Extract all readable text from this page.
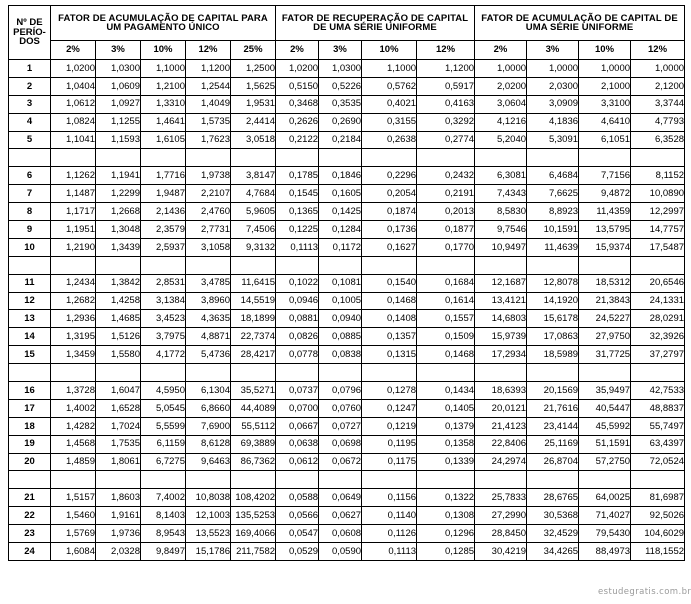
Nº DE
PERÍO-
DOS	FATOR DE ACUMULAÇÃO DE CAPITAL PARA UM PAGAMENTO ÚNICO					FATOR DE RECUPERAÇÃO DE CAPITAL DE UMA SÉRIE UNIFORME				FATOR DE ACUMULAÇÃO DE CAPITAL DE UMA SÉRIE UNIFORME			
	2%	3%	10%	12%	25%	2%	3%	10%	12%	2%	3%	10%	12%
1	1,0200	1,0300	1,1000	1,1200	1,2500	1,0200	1,0300	1,1000	1,1200	1,0000	1,0000	1,0000	1,0000
2	1,0404	1,0609	1,2100	1,2544	1,5625	0,5150	0,5226	0,5762	0,5917	2,0200	2,0300	2,1000	2,1200
3	1,0612	1,0927	1,3310	1,4049	1,9531	0,3468	0,3535	0,4021	0,4163	3,0604	3,0909	3,3100	3,3744
4	1,0824	1,1255	1,4641	1,5735	2,4414	0,2626	0,2690	0,3155	0,3292	4,1216	4,1836	4,6410	4,7793
5	1,1041	1,1593	1,6105	1,7623	3,0518	0,2122	0,2184	0,2638	0,2774	5,2040	5,3091	6,1051	6,3528

6	1,1262	1,1941	1,7716	1,9738	3,8147	0,1785	0,1846	0,2296	0,2432	6,3081	6,4684	7,7156	8,1152
7	1,1487	1,2299	1,9487	2,2107	4,7684	0,1545	0,1605	0,2054	0,2191	7,4343	7,6625	9,4872	10,0890
8	1,1717	1,2668	2,1436	2,4760	5,9605	0,1365	0,1425	0,1874	0,2013	8,5830	8,8923	11,4359	12,2997
9	1,1951	1,3048	2,3579	2,7731	7,4506	0,1225	0,1284	0,1736	0,1877	9,7546	10,1591	13,5795	14,7757
10	1,2190	1,3439	2,5937	3,1058	9,3132	0,1113	0,1172	0,1627	0,1770	10,9497	11,4639	15,9374	17,5487

11	1,2434	1,3842	2,8531	3,4785	11,6415	0,1022	0,1081	0,1540	0,1684	12,1687	12,8078	18,5312	20,6546
12	1,2682	1,4258	3,1384	3,8960	14,5519	0,0946	0,1005	0,1468	0,1614	13,4121	14,1920	21,3843	24,1331
13	1,2936	1,4685	3,4523	4,3635	18,1899	0,0881	0,0940	0,1408	0,1557	14,6803	15,6178	24,5227	28,0291
14	1,3195	1,5126	3,7975	4,8871	22,7374	0,0826	0,0885	0,1357	0,1509	15,9739	17,0863	27,9750	32,3926
15	1,3459	1,5580	4,1772	5,4736	28,4217	0,0778	0,0838	0,1315	0,1468	17,2934	18,5989	31,7725	37,2797

16	1,3728	1,6047	4,5950	6,1304	35,5271	0,0737	0,0796	0,1278	0,1434	18,6393	20,1569	35,9497	42,7533
17	1,4002	1,6528	5,0545	6,8660	44,4089	0,0700	0,0760	0,1247	0,1405	20,0121	21,7616	40,5447	48,8837
18	1,4282	1,7024	5,5599	7,6900	55,5112	0,0667	0,0727	0,1219	0,1379	21,4123	23,4144	45,5992	55,7497
19	1,4568	1,7535	6,1159	8,6128	69,3889	0,0638	0,0698	0,1195	0,1358	22,8406	25,1169	51,1591	63,4397
20	1,4859	1,8061	6,7275	9,6463	86,7362	0,0612	0,0672	0,1175	0,1339	24,2974	26,8704	57,2750	72,0524

21	1,5157	1,8603	7,4002	10,8038	108,4202	0,0588	0,0649	0,1156	0,1322	25,7833	28,6765	64,0025	81,6987
22	1,5460	1,9161	8,1403	12,1003	135,5253	0,0566	0,0627	0,1140	0,1308	27,2990	30,5368	71,4027	92,5026
23	1,5769	1,9736	8,9543	13,5523	169,4066	0,0547	0,0608	0,1126	0,1296	28,8450	32,4529	79,5430	104,6029
24	1,6084	2,0328	9,8497	15,1786	211,7582	0,0529	0,0590	0,1113	0,1285	30,4219	34,4265	88,4973	118,1552
estudegratis.com.br
